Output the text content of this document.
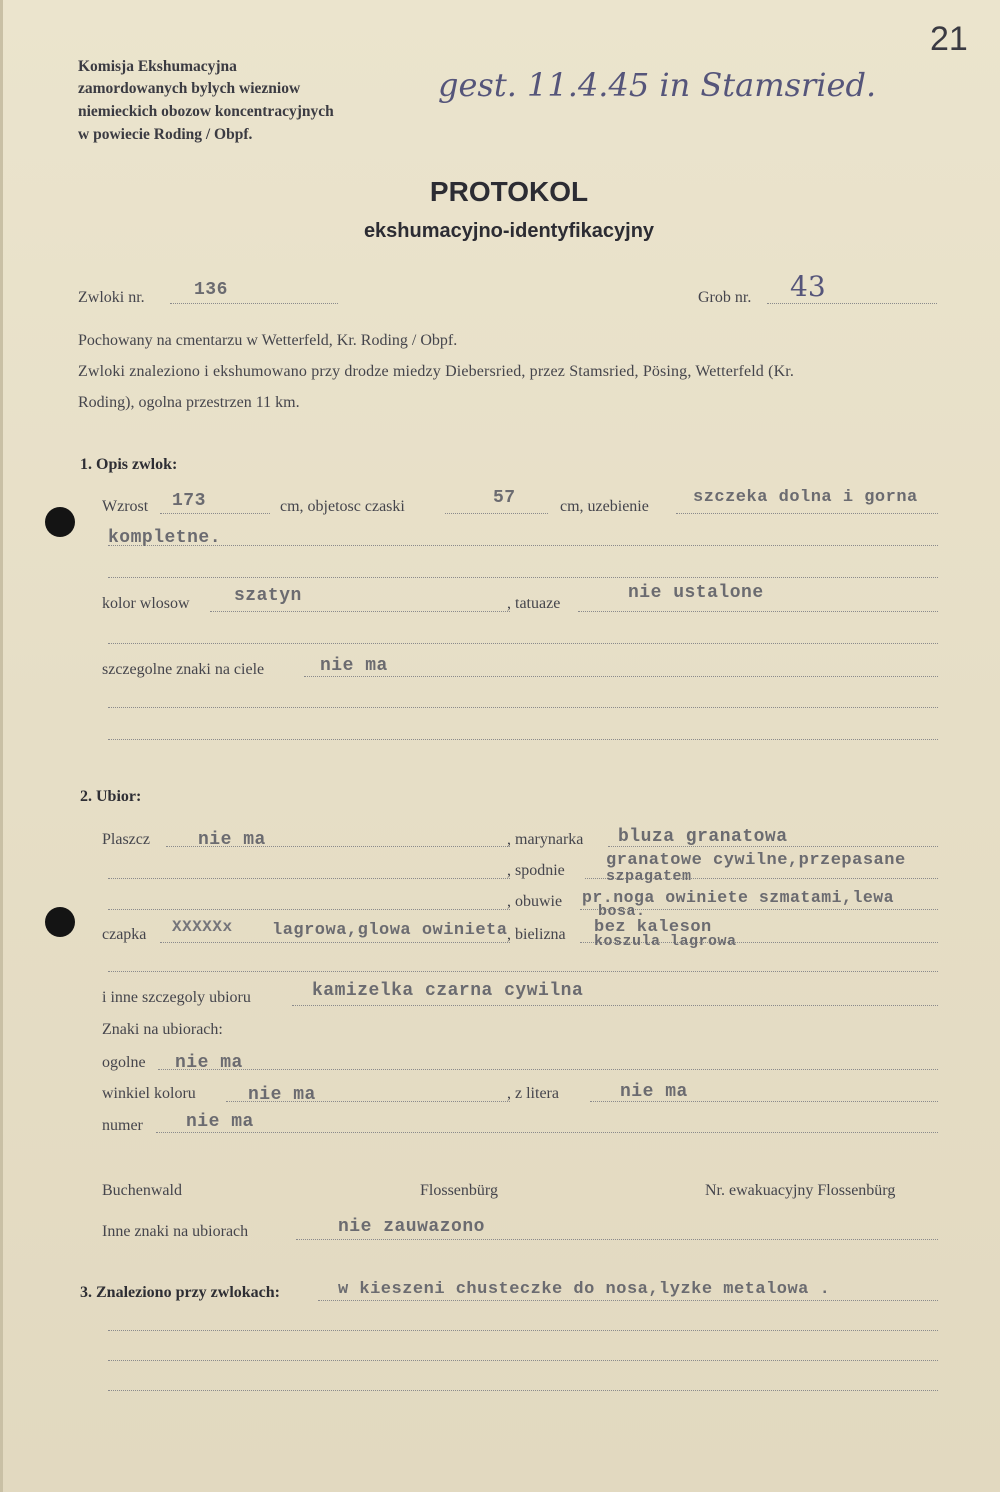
21
gest. 11.4.45 in Stamsried.
Komisja Ekshumacyjna
zamordowanych bylych wiezniow
niemieckich obozow koncentracyjnych
w powiecie Roding / Obpf.
PROTOKOL
ekshumacyjno-identyfikacyjny
Zwloki nr.	136	Grob nr. 43
Pochowany na cmentarzu w Wetterfeld, Kr. Roding / Obpf.
Zwloki znaleziono i ekshumowano przy drodze miedzy Diebersried, przez Stamsried, Pösing, Wetterfeld (Kr.
Roding), ogolna przestrzen 11 km.
1. Opis zwlok:
Wzrost 173	cm, objetosc czaski	57	cm, uzebienie	szczeka dolna i gorna
kompletne.
kolor wlosow szatyn	, tatuaze
nie ustalone
szczegolne znaki na ciele	nie ma
2. Ubior:
Plaszcz	nie ma	, marynarka bluza granatowa
, spodnie
granatowe cywilne,przepasane
szpagatem
, obuwie pr.noga owiniete szmatami,lewa
bosa.
czapka XXXXXx lagrowa,glowa owinieta , bielizna bez kaleson
koszula lagrowa
i inne szczegoly ubioru	kamizelka czarna cywilna
Znaki na ubiorach:
ogolne nie ma
winkiel koloru	nie ma	, z litera	nie ma
numer nie ma
Buchenwald	Flossenbürg	Nr. ewakuacyjny Flossenbürg
Inne znaki na ubiorach	nie zauwazono
3. Znaleziono przy zwlokach:	w kieszeni chusteczke do nosa,lyzke metalowa .
